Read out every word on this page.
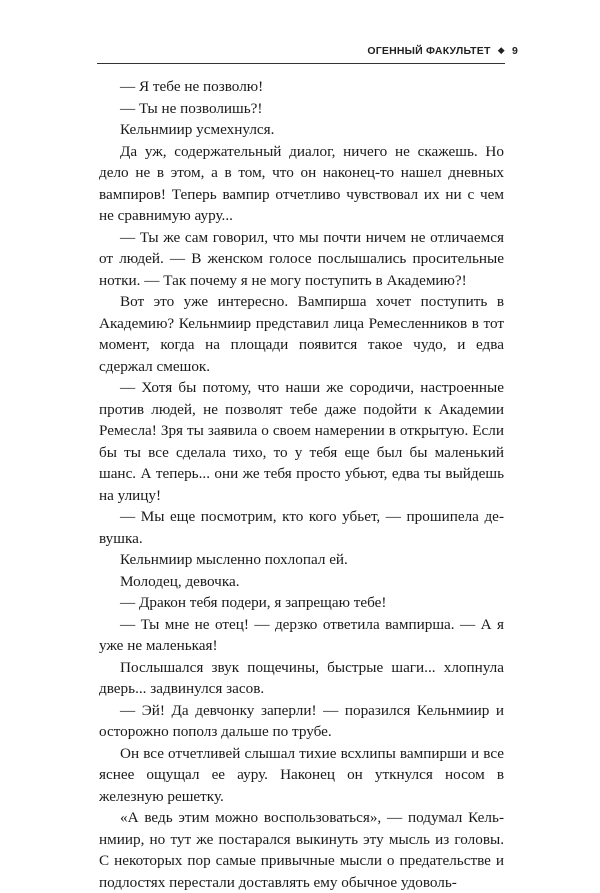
ОГЕННЫЙ ФАКУЛЬТЕТ ◆ 9

— Я тебе не позволю!

— Ты не позволишь?!

Кельнмиир усмехнулся.

Да уж, содержательный диалог, ничего не скажешь. Но дело не в этом, а в том, что он наконец-то нашел дневных вампиров! Теперь вампир отчетливо чувствовал их ни с чем не сравнимую ауру...

— Ты же сам говорил, что мы почти ничем не отличаемся от людей. — В женском голосе послышались просительные нотки. — Так почему я не могу поступить в Академию?!

Вот это уже интересно. Вампирша хочет поступить в Академию? Кельнмиир представил лица Ремесленников в тот момент, когда на площади появится такое чудо, и едва сдержал смешок.

— Хотя бы потому, что наши же сородичи, настроенные против людей, не позволят тебе даже подойти к Академии Ремесла! Зря ты заявила о своем намерении в открытую. Если бы ты все сделала тихо, то у тебя еще был бы маленький шанс. А теперь... они же тебя просто убьют, едва ты выйдешь на улицу!

— Мы еще посмотрим, кто кого убьет, — прошипела девушка.

Кельнмиир мысленно похлопал ей.

Молодец, девочка.

— Дракон тебя подери, я запрещаю тебе!

— Ты мне не отец! — дерзко ответила вампирша. — А я уже не маленькая!

Послышался звук пощечины, быстрые шаги... хлопнула дверь... задвинулся засов.

— Эй! Да девчонку заперли! — поразился Кельнмиир и осторожно пополз дальше по трубе.

Он все отчетливей слышал тихие всхлипы вампирши и все яснее ощущал ее ауру. Наконец он уткнулся носом в железную решетку.

«А ведь этим можно воспользоваться», — подумал Кельнмиир, но тут же постарался выкинуть эту мысль из головы. С некоторых пор самые привычные мысли о предательстве и подлостях перестали доставлять ему обычное удоволь-
